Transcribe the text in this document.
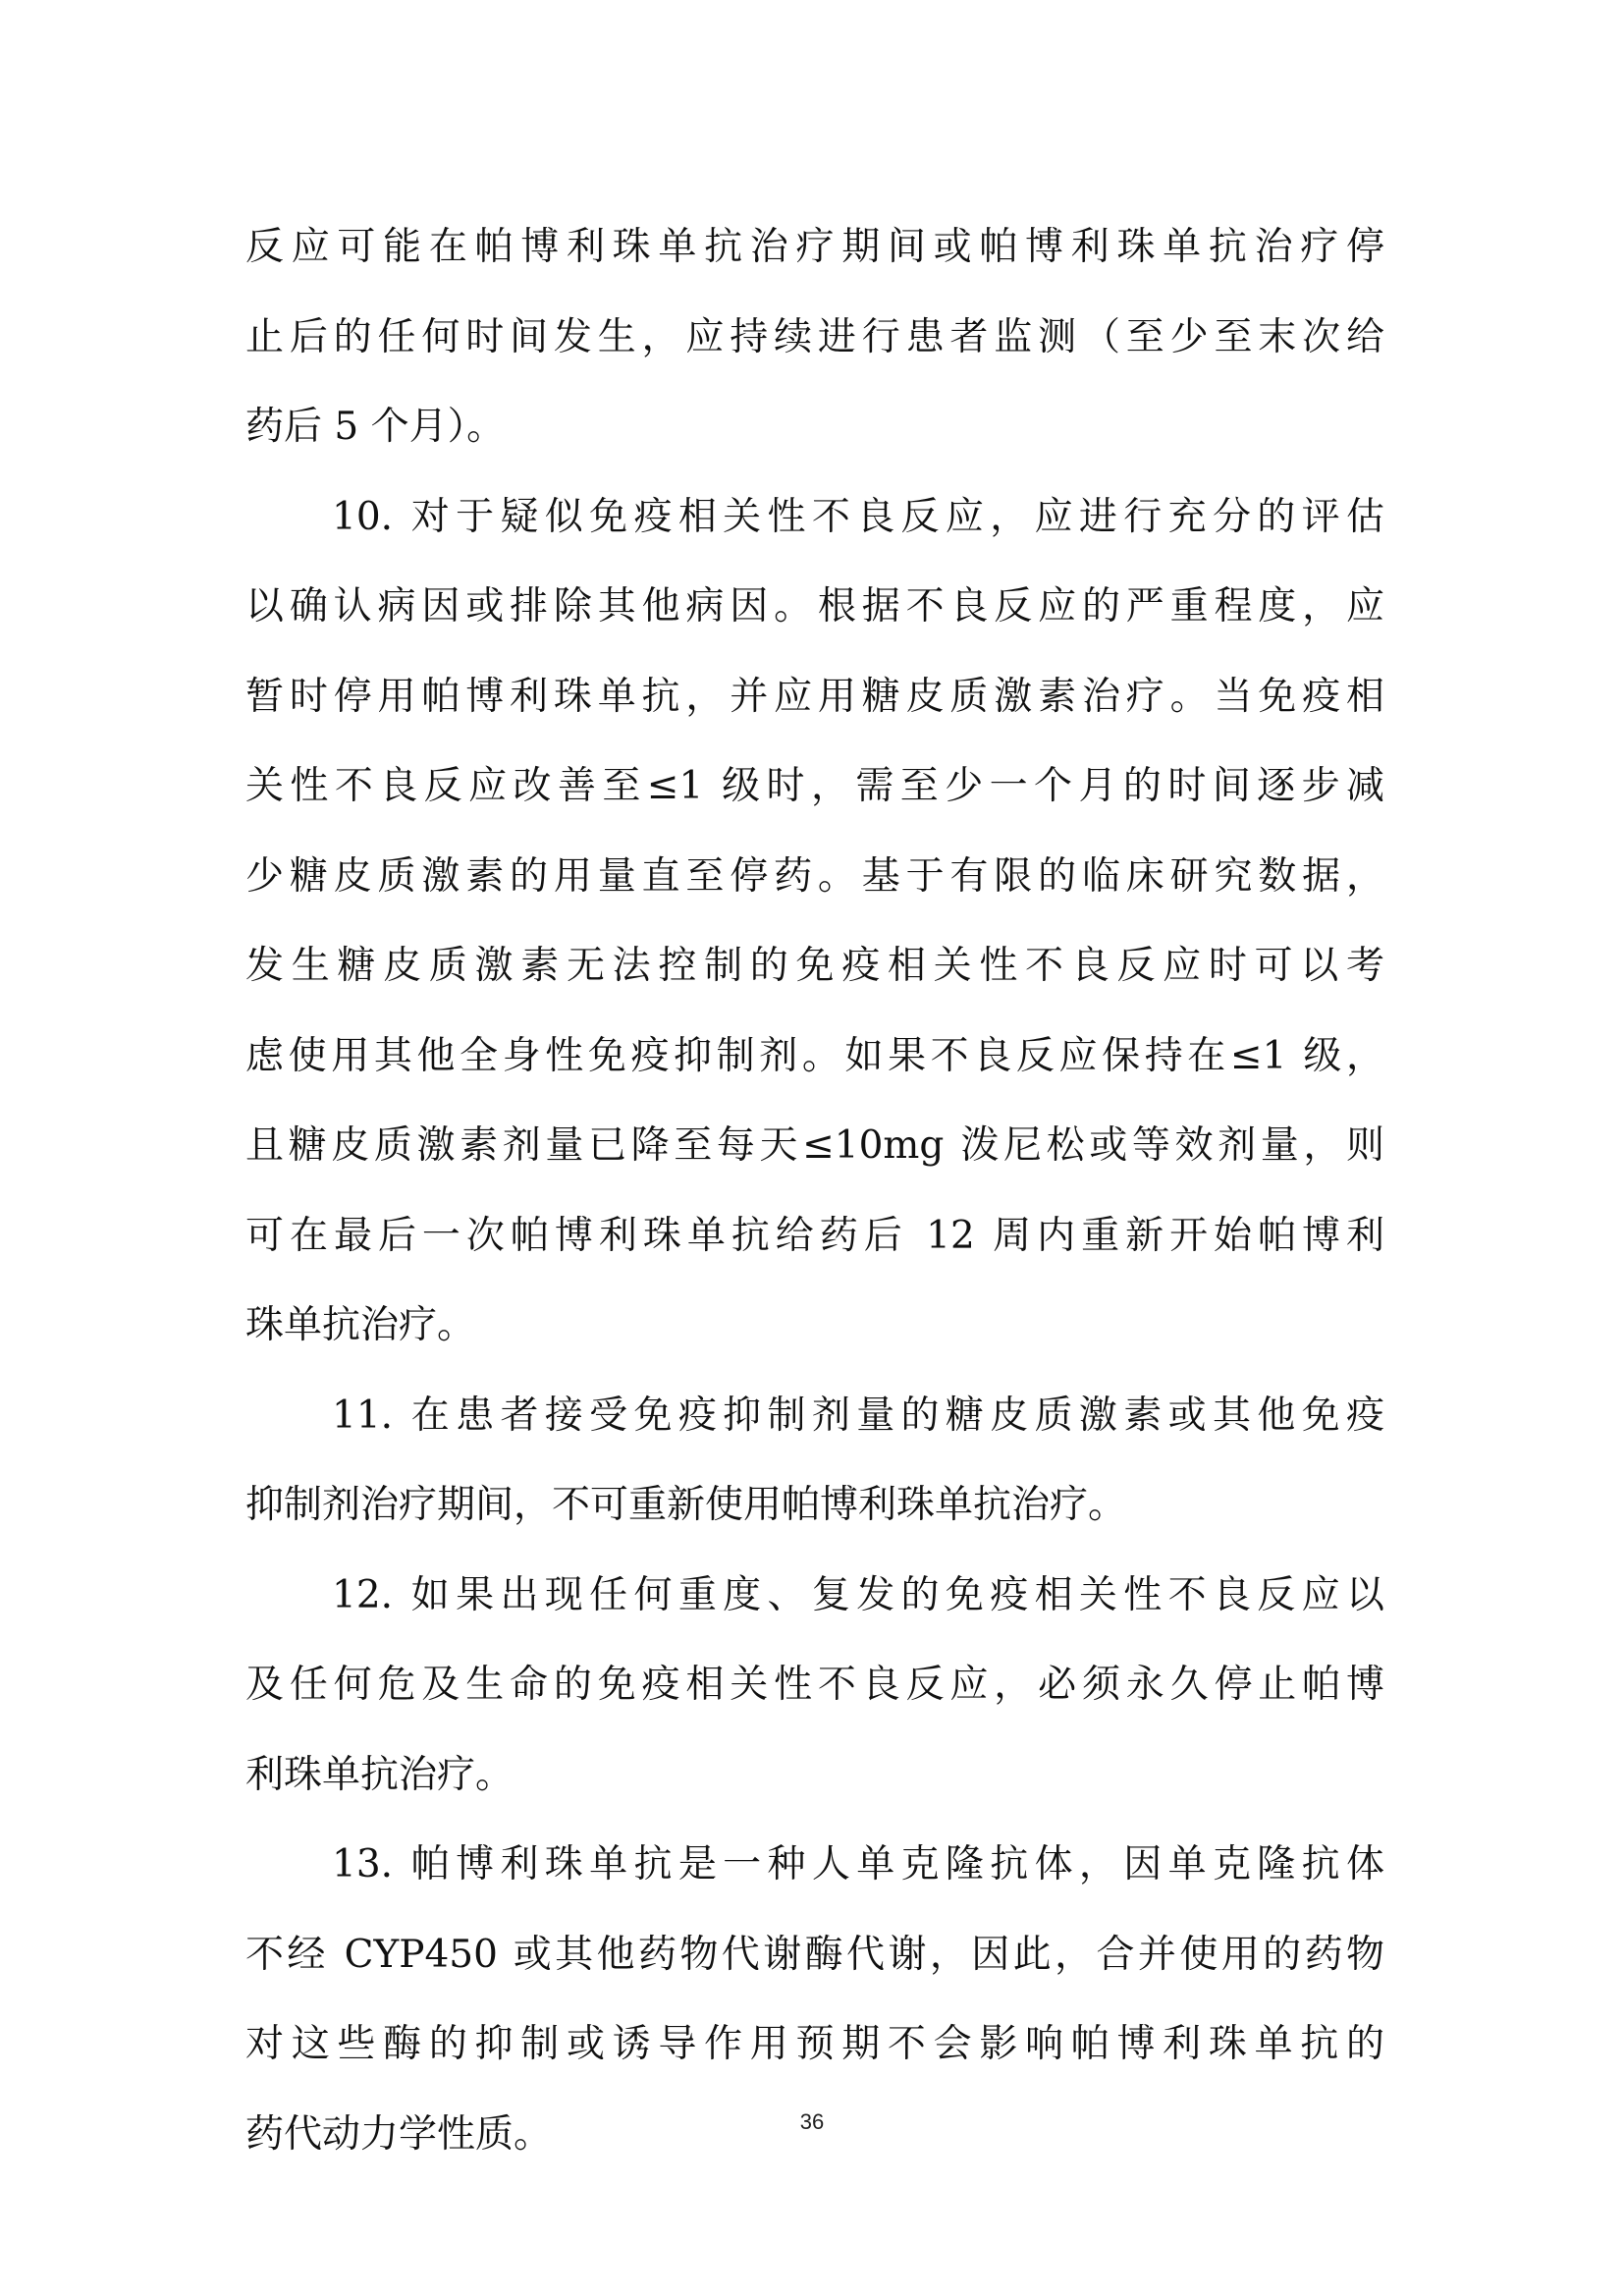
反应可能在帕博利珠单抗治疗期间或帕博利珠单抗治疗停
止后的任何时间发生，应持续进行患者监测（至少至末次给
药后 5 个月）。
10. 对于疑似免疫相关性不良反应，应进行充分的评估
以确认病因或排除其他病因。根据不良反应的严重程度，应
暂时停用帕博利珠单抗，并应用糖皮质激素治疗。当免疫相
关性不良反应改善至≤1 级时，需至少一个月的时间逐步减
少糖皮质激素的用量直至停药。基于有限的临床研究数据，
发生糖皮质激素无法控制的免疫相关性不良反应时可以考
虑使用其他全身性免疫抑制剂。如果不良反应保持在≤1 级，
且糖皮质激素剂量已降至每天≤10mg 泼尼松或等效剂量，则
可在最后一次帕博利珠单抗给药后 12 周内重新开始帕博利
珠单抗治疗。
11. 在患者接受免疫抑制剂量的糖皮质激素或其他免疫
抑制剂治疗期间，不可重新使用帕博利珠单抗治疗。
12. 如果出现任何重度、复发的免疫相关性不良反应以
及任何危及生命的免疫相关性不良反应，必须永久停止帕博
利珠单抗治疗。
13. 帕博利珠单抗是一种人单克隆抗体，因单克隆抗体
不经 CYP450 或其他药物代谢酶代谢，因此，合并使用的药物
对这些酶的抑制或诱导作用预期不会影响帕博利珠单抗的
药代动力学性质。	36
